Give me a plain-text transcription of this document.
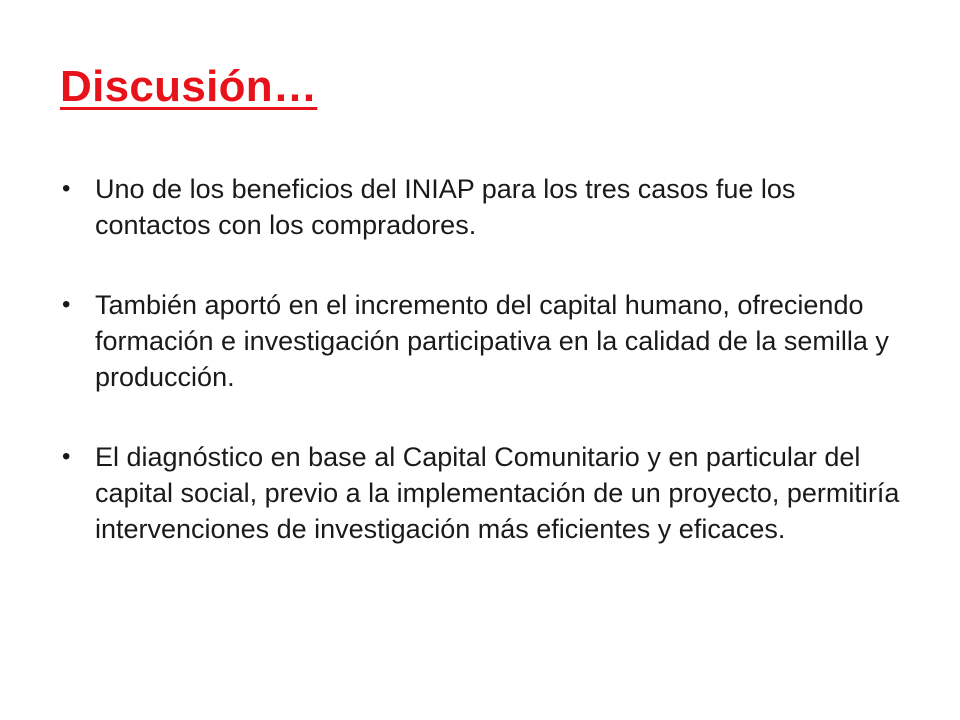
Discusión…
• Uno de los beneficios del INIAP para los tres casos fue los contactos con los compradores.
• También aportó en el incremento del capital humano, ofreciendo formación e investigación participativa en la calidad de la semilla y producción.
• El diagnóstico en base al Capital Comunitario y en particular del capital social, previo a la implementación de un proyecto, permitiría intervenciones de investigación más eficientes y eficaces.
